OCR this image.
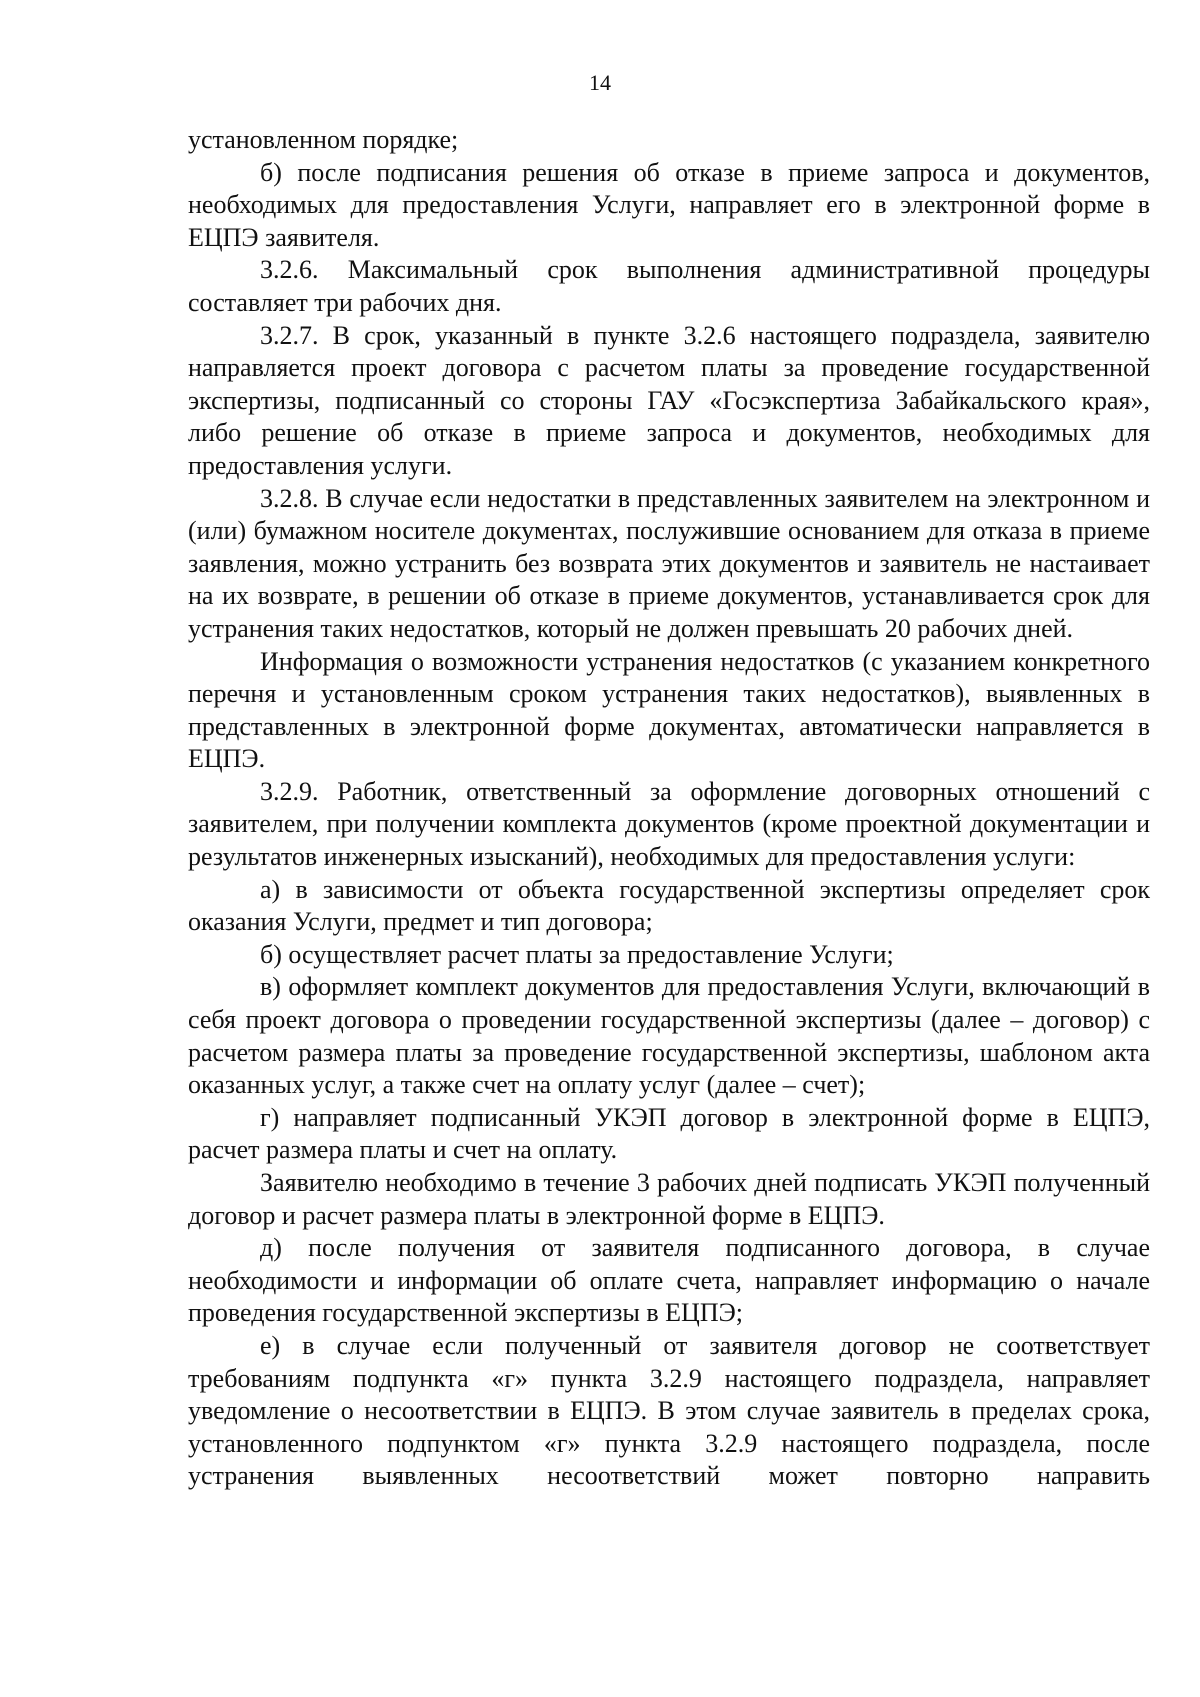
14

установленном порядке;

б) после подписания решения об отказе в приеме запроса и документов, необходимых для предоставления Услуги, направляет его в электронной форме в ЕЦПЭ заявителя.

3.2.6. Максимальный срок выполнения административной процедуры составляет три рабочих дня.

3.2.7. В срок, указанный в пункте 3.2.6 настоящего подраздела, заявителю направляется проект договора с расчетом платы за проведение государственной экспертизы, подписанный со стороны ГАУ «Госэкспертиза Забайкальского края», либо решение об отказе в приеме запроса и документов, необходимых для предоставления услуги.

3.2.8. В случае если недостатки в представленных заявителем на электронном и (или) бумажном носителе документах, послужившие основанием для отказа в приеме заявления, можно устранить без возврата этих документов и заявитель не настаивает на их возврате, в решении об отказе в приеме документов, устанавливается срок для устранения таких недостатков, который не должен превышать 20 рабочих дней.

Информация о возможности устранения недостатков (с указанием конкретного перечня и установленным сроком устранения таких недостатков), выявленных в представленных в электронной форме документах, автоматически направляется в ЕЦПЭ.

3.2.9. Работник, ответственный за оформление договорных отношений с заявителем, при получении комплекта документов (кроме проектной документации и результатов инженерных изысканий), необходимых для предоставления услуги:

а) в зависимости от объекта государственной экспертизы определяет срок оказания Услуги, предмет и тип договора;

б) осуществляет расчет платы за предоставление Услуги;

в) оформляет комплект документов для предоставления Услуги, включающий в себя проект договора о проведении государственной экспертизы (далее – договор) с расчетом размера платы за проведение государственной экспертизы, шаблоном акта оказанных услуг, а также счет на оплату услуг (далее – счет);

г) направляет подписанный УКЭП договор в электронной форме в ЕЦПЭ, расчет размера платы и счет на оплату.

Заявителю необходимо в течение 3 рабочих дней подписать УКЭП полученный договор и расчет размера платы в электронной форме в ЕЦПЭ.

д) после получения от заявителя подписанного договора, в случае необходимости и информации об оплате счета, направляет информацию о начале проведения государственной экспертизы в ЕЦПЭ;

е) в случае если полученный от заявителя договор не соответствует требованиям подпункта «г» пункта 3.2.9 настоящего подраздела, направляет уведомление о несоответствии в ЕЦПЭ. В этом случае заявитель в пределах срока, установленного подпунктом «г» пункта 3.2.9 настоящего подраздела, после устранения выявленных несоответствий может повторно направить
